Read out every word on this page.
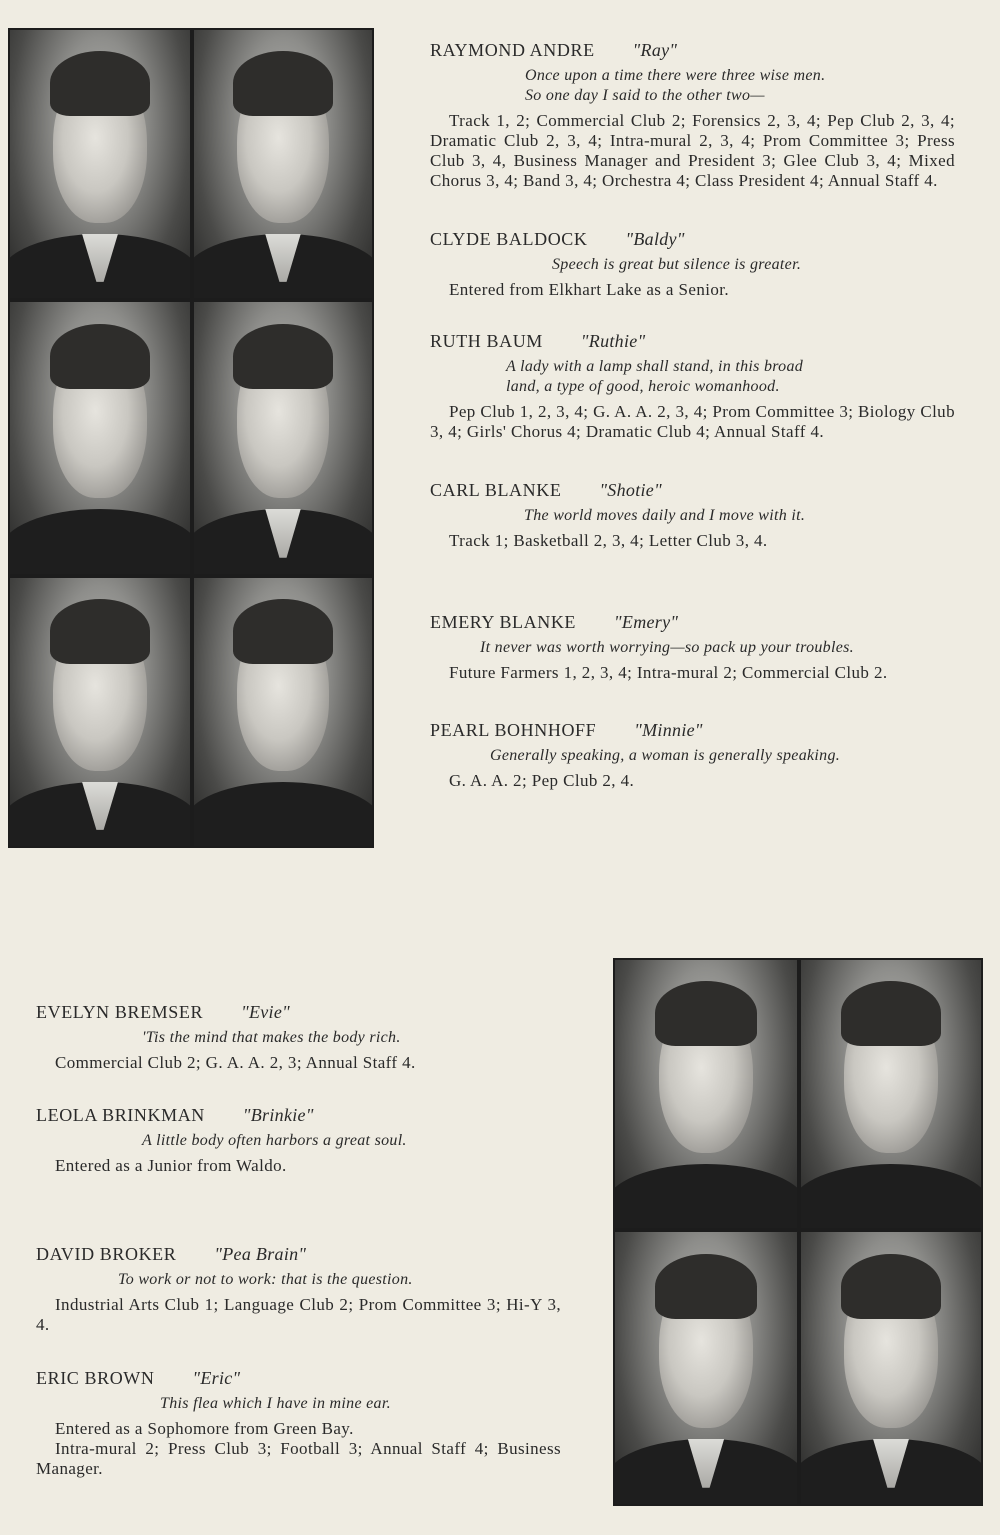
RAYMOND ANDRE "Ray"
Once upon a time there were three wise men.
So one day I said to the other two—
Track 1, 2; Commercial Club 2; Forensics 2, 3, 4; Pep Club 2, 3, 4; Dramatic Club 2, 3, 4; Intra-mural 2, 3, 4; Prom Committee 3; Press Club 3, 4, Business Manager and President 3; Glee Club 3, 4; Mixed Chorus 3, 4; Band 3, 4; Orchestra 4; Class President 4; Annual Staff 4.
CLYDE BALDOCK "Baldy"
Speech is great but silence is greater.
Entered from Elkhart Lake as a Senior.
RUTH BAUM "Ruthie"
A lady with a lamp shall stand, in this broad
land, a type of good, heroic womanhood.
Pep Club 1, 2, 3, 4; G. A. A. 2, 3, 4; Prom Committee 3; Biology Club 3, 4; Girls' Chorus 4; Dramatic Club 4; Annual Staff 4.
CARL BLANKE "Shotie"
The world moves daily and I move with it.
Track 1; Basketball 2, 3, 4; Letter Club 3, 4.
EMERY BLANKE "Emery"
It never was worth worrying—so pack up your troubles.
Future Farmers 1, 2, 3, 4; Intra-mural 2; Commercial Club 2.
PEARL BOHNHOFF "Minnie"
Generally speaking, a woman is generally speaking.
G. A. A. 2; Pep Club 2, 4.
EVELYN BREMSER "Evie"
'Tis the mind that makes the body rich.
Commercial Club 2; G. A. A. 2, 3; Annual Staff 4.
LEOLA BRINKMAN "Brinkie"
A little body often harbors a great soul.
Entered as a Junior from Waldo.
DAVID BROKER "Pea Brain"
To work or not to work: that is the question.
Industrial Arts Club 1; Language Club 2; Prom Committee 3; Hi-Y 3, 4.
ERIC BROWN "Eric"
This flea which I have in mine ear.
Entered as a Sophomore from Green Bay.
Intra-mural 2; Press Club 3; Football 3; Annual Staff 4; Business Manager.
